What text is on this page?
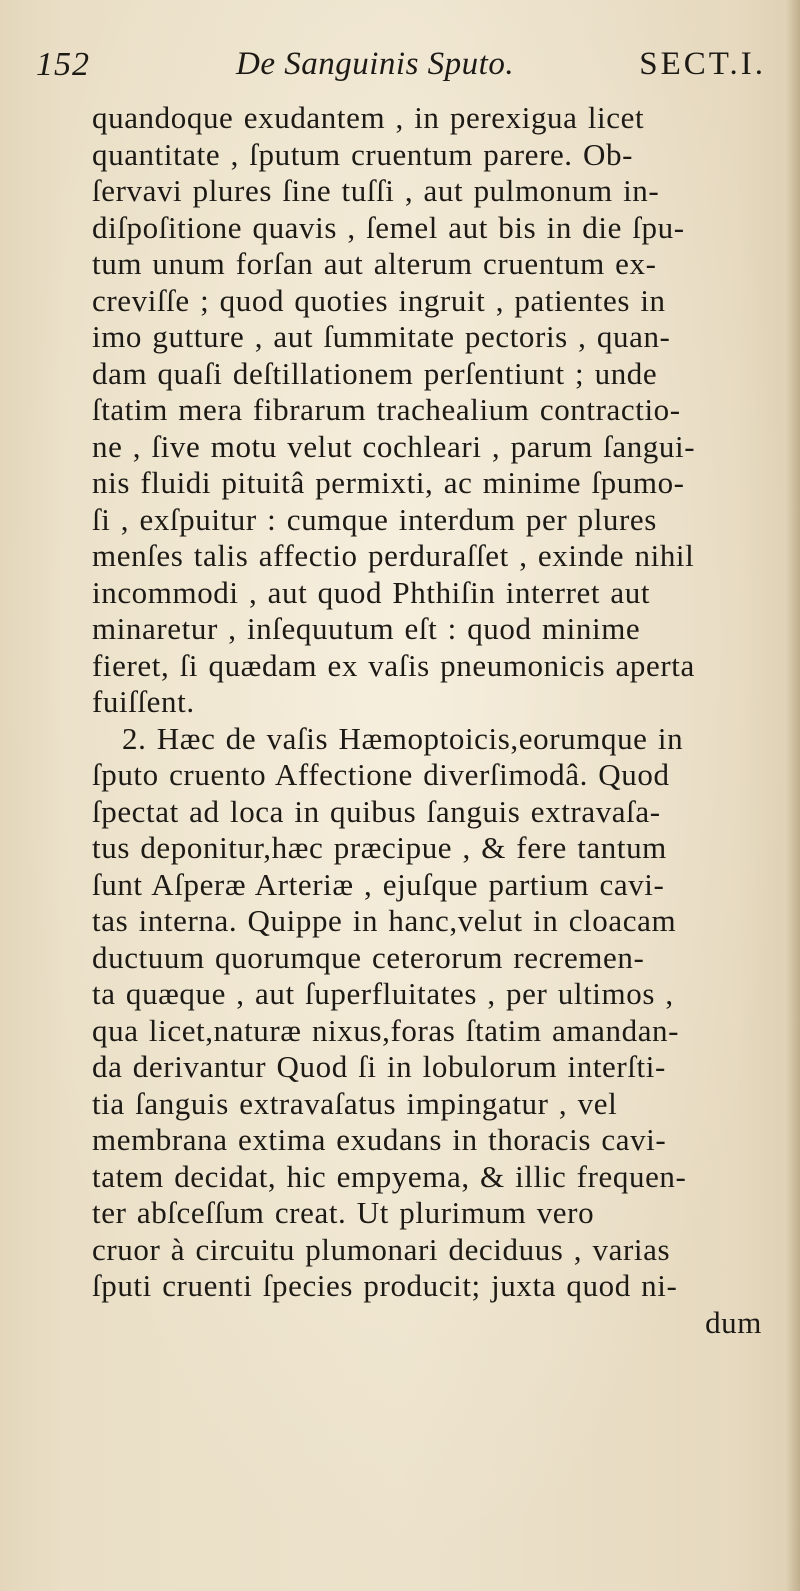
152	De Sanguinis Sputo.	SECT.I.
quandoque exudantem , in perexigua licet
quantitate , ſputum cruentum parere. Ob-
ſervavi plures ſine tuſſi , aut pulmonum in-
diſpoſitione quavis , ſemel aut bis in die ſpu-
tum unum forſan aut alterum cruentum ex-
creviſſe ; quod quoties ingruit , patientes in
imo gutture , aut ſummitate pectoris , quan-
dam quaſi deſtillationem perſentiunt ; unde
ſtatim mera fibrarum trachealium contractio-
ne , ſive motu velut cochleari , parum ſangui-
nis fluidi pituitâ permixti, ac minime ſpumo-
ſi , exſpuitur : cumque interdum per plures
menſes talis affectio perduraſſet , exinde nihil
incommodi , aut quod Phthiſin interret aut
minaretur , inſequutum eſt : quod minime
fieret, ſi quædam ex vaſis pneumonicis aperta
fuiſſent.
2. Hæc de vaſis Hæmoptoicis,eorumque in
ſputo cruento Affectione diverſimodâ. Quod
ſpectat ad loca in quibus ſanguis extravaſa-
tus deponitur,hæc præcipue , & fere tantum
ſunt Aſperæ Arteriæ , ejuſque partium cavi-
tas interna. Quippe in hanc,velut in cloacam
ductuum quorumque ceterorum recremen-
ta quæque , aut ſuperfluitates , per ultimos ,
qua licet,naturæ nixus,foras ſtatim amandan-
da derivantur Quod ſi in lobulorum interſti-
tia ſanguis extravaſatus impingatur , vel
membrana extima exudans in thoracis cavi-
tatem decidat, hic empyema, & illic frequen-
ter abſceſſum creat. Ut plurimum vero
cruor à circuitu plumonari deciduus , varias
ſputi cruenti ſpecies producit; juxta quod ni-
dum
